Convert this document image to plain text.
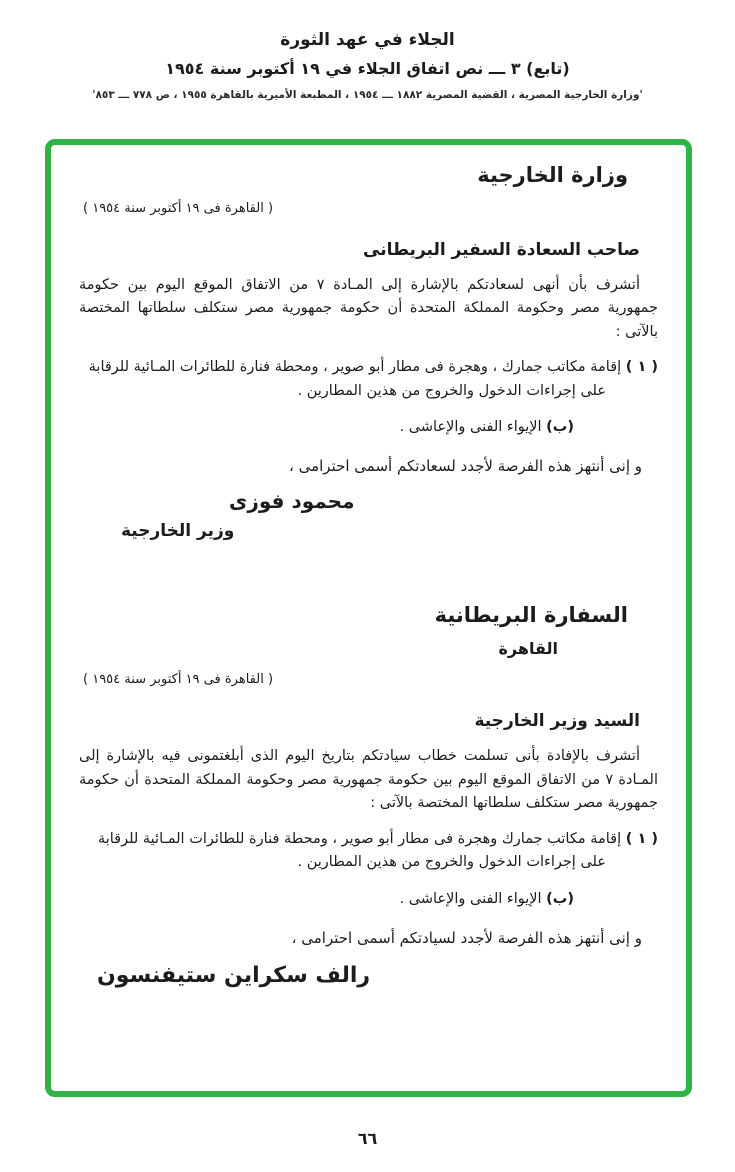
الجلاء في عهد الثورة
(تابع) ٣ ـــ نص اتفاق الجلاء في ١٩ أكتوبر سنة ١٩٥٤
'وزارة الخارجية المصرية ، القضية المصرية ١٨٨٢ ـــ ١٩٥٤ ، المطبعة الأميرية بالقاهرة ١٩٥٥ ، ص ٧٧٨ ـــ ٨٥٣'
وزارة الخارجية
( القاهرة فى ١٩ أكتوبر سنة ١٩٥٤ )
صاحب السعادة السفير البريطانى

أتشرف بأن أنهى لسعادتكم بالإشارة إلى المـادة ٧ من الاتفاق الموقع اليوم بين حكومة جمهورية مصر وحكومة المملكة المتحدة أن حكومة جمهورية مصر ستكلف سلطاتها المختصة بالآتى :

( ١ ) إقامة مكاتب جمارك ، وهجرة فى مطار أبو صوير ، ومحطة فنارة للطائرات المـائية للرقابة على إجراءات الدخول والخروج من هذين المطارين .
(ب) الإيواء الفنى والإعاشى .
و إنى أنتهز هذه الفرصة لأجدد لسعادتكم أسمى احترامى ،
محمود فوزى
وزير الخارجية
السفارة البريطانية
القاهرة
( القاهرة فى ١٩ أكتوبر سنة ١٩٥٤ )
السيد وزير الخارجية

أتشرف بالإفادة بأنى تسلمت خطاب سيادتكم بتاريخ اليوم الذى أبلغتمونى فيه بالإشارة إلى المـادة ٧ من الاتفاق الموقع اليوم بين حكومة جمهورية مصر وحكومة المملكة المتحدة أن حكومة جمهورية مصر ستكلف سلطاتها المختصة بالآتى :

( ١ ) إقامة مكاتب جمارك وهجرة فى مطار أبو صوير ، ومحطة فنارة للطائرات المـائية للرقابة على إجراءات الدخول والخروج من هذين المطارين .
(ب) الإيواء الفنى والإعاشى .
و إنى أنتهز هذه الفرصة لأجدد لسيادتكم أسمى احترامى ،
رالف سكراين ستيفنسون
٦٦
